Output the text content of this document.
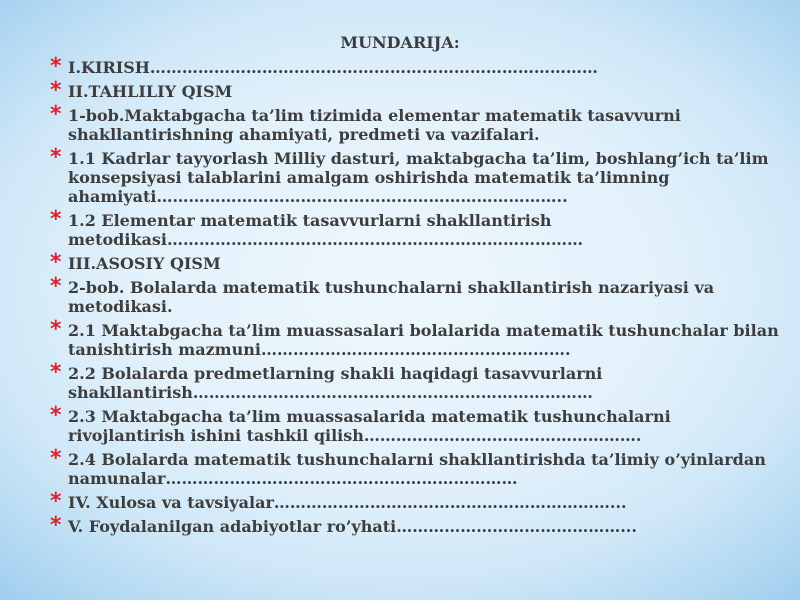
MUNDARIJA:
* I.KIRISH…………………………………………………………………………
* II.TAHLILIY QISM
* 1-bob.Maktabgacha ta’lim tizimida elementar matematik tasavvurni
shakllantirishning ahamiyati, predmeti va vazifalari.
* 1.1 Kadrlar tayyorlash Milliy dasturi, maktabgacha ta’lim, boshlang’ich ta’lim
konsepsiyasi talablarini amalgam oshirishda matematik ta’limning
ahamiyati…………………………………………………………………..
* 1.2 Elementar matematik tasavvurlarni shakllantirish
metodikasi……………………………………………………………………
* III.ASOSIY QISM
* 2-bob. Bolalarda matematik tushunchalarni shakllantirish nazariyasi va
metodikasi.
* 2.1 Maktabgacha ta’lim muassasalari bolalarida matematik tushunchalar bilan
tanishtirish mazmuni………………………………………………….
* 2.2 Bolalarda predmetlarning shakli haqidagi tasavvurlarni
shakllantirish…………………………………………………………………
* 2.3 Maktabgacha ta’lim muassasalarida matematik tushunchalarni
rivojlantirish ishini tashkil qilish…………………………………………….
* 2.4 Bolalarda matematik tushunchalarni shakllantirishda ta’limiy o’yinlardan
namunalar…………………………………………………………
* IV. Xulosa va tavsiyalar………………………………………………………...
* V. Foydalanilgan adabiyotlar ro’yhati……………………………………...
